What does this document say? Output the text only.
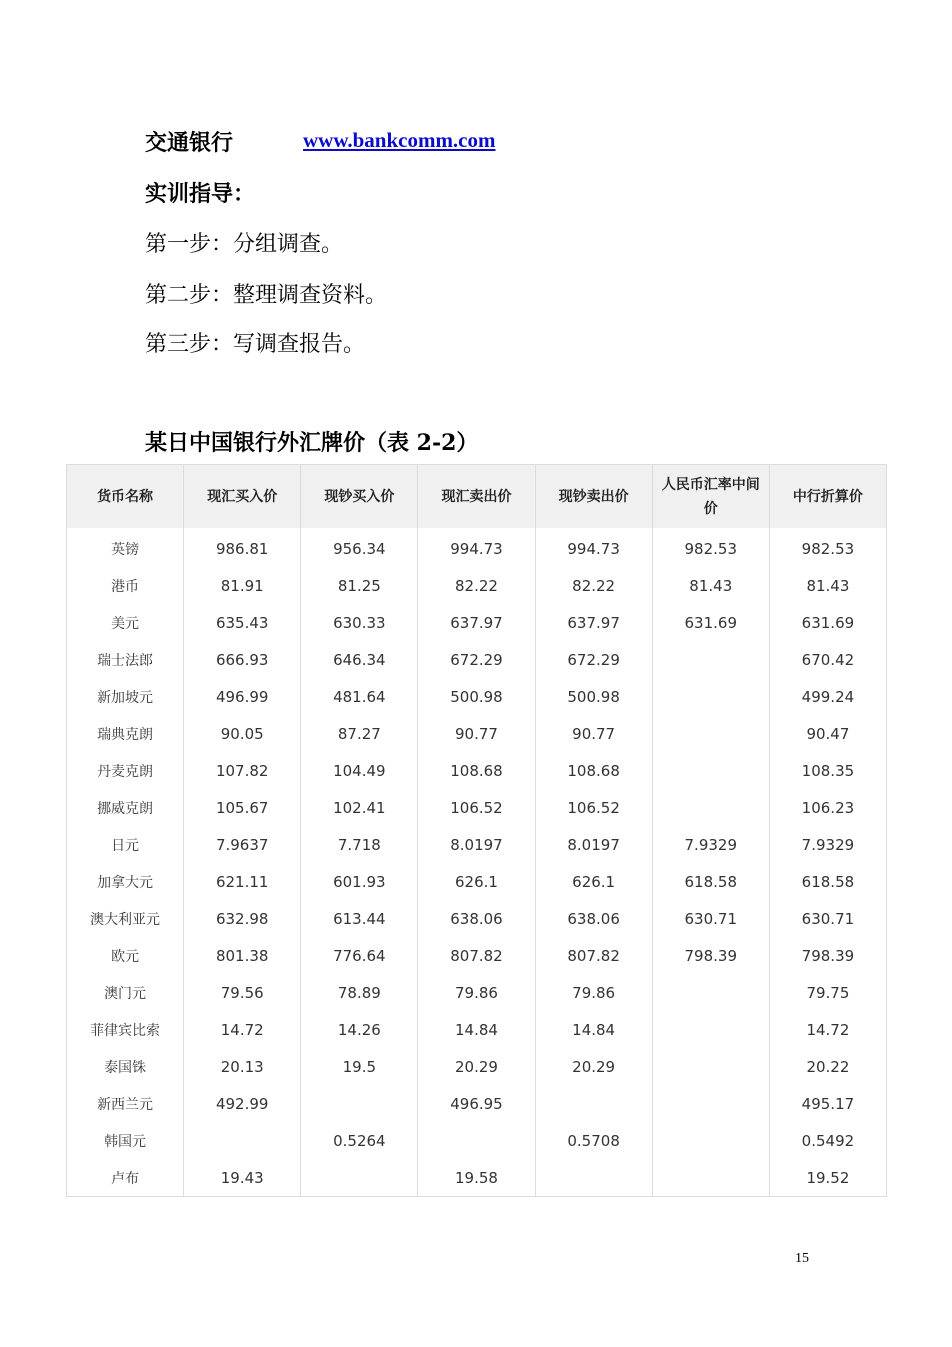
交通银行	www.bankcomm.com
实训指导：
第一步：分组调查。
第二步：整理调查资料。
第三步：写调查报告。
某日中国银行外汇牌价（表 2-2）
货币名称	现汇买入价	现钞买入价	现汇卖出价	现钞卖出价	人民币汇率中间价	中行折算价
英镑	986.81	956.34	994.73	994.73	982.53	982.53
港币	81.91	81.25	82.22	82.22	81.43	81.43
美元	635.43	630.33	637.97	637.97	631.69	631.69
瑞士法郎	666.93	646.34	672.29	672.29		670.42
新加坡元	496.99	481.64	500.98	500.98		499.24
瑞典克朗	90.05	87.27	90.77	90.77		90.47
丹麦克朗	107.82	104.49	108.68	108.68		108.35
挪威克朗	105.67	102.41	106.52	106.52		106.23
日元	7.9637	7.718	8.0197	8.0197	7.9329	7.9329
加拿大元	621.11	601.93	626.1	626.1	618.58	618.58
澳大利亚元	632.98	613.44	638.06	638.06	630.71	630.71
欧元	801.38	776.64	807.82	807.82	798.39	798.39
澳门元	79.56	78.89	79.86	79.86		79.75
菲律宾比索	14.72	14.26	14.84	14.84		14.72
泰国铢	20.13	19.5	20.29	20.29		20.22
新西兰元	492.99		496.95			495.17
韩国元		0.5264		0.5708		0.5492
卢布	19.43		19.58			19.52
15
